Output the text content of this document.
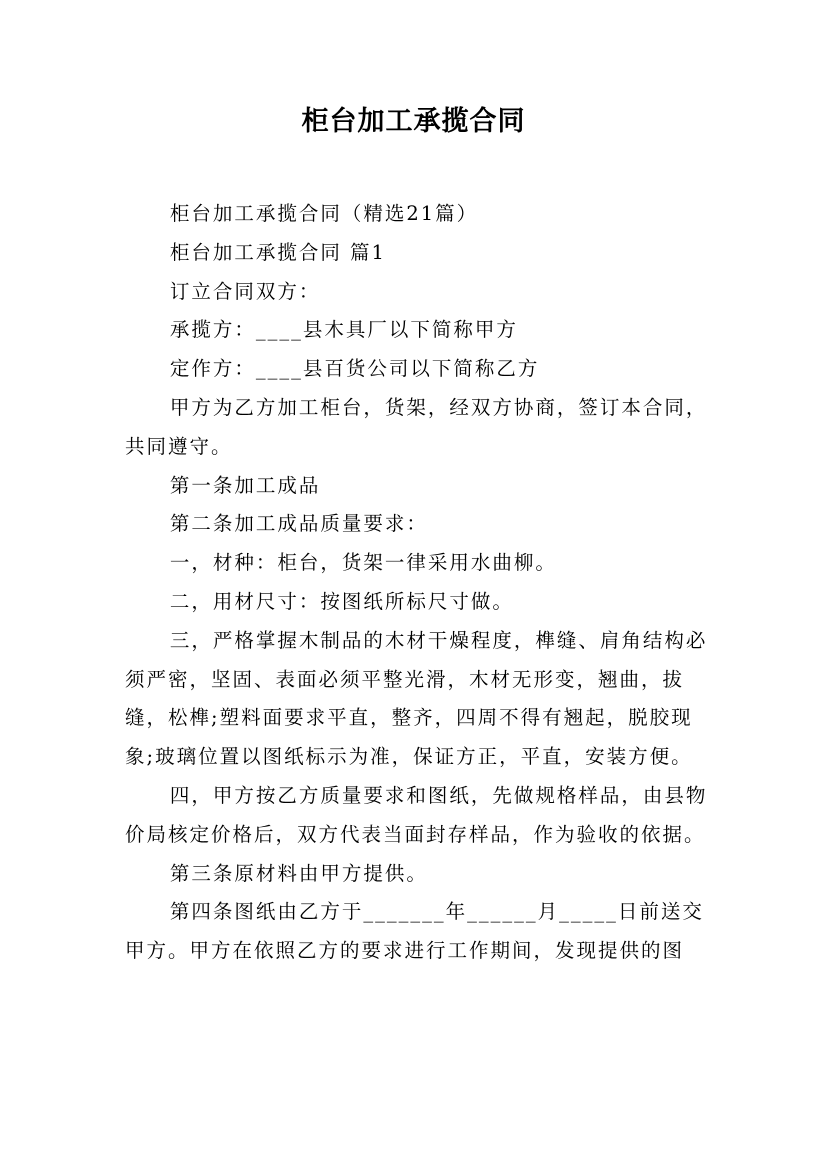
柜台加工承揽合同

柜台加工承揽合同（精选21篇）

柜台加工承揽合同 篇1

订立合同双方：

承揽方：____县木具厂以下简称甲方

定作方：____县百货公司以下简称乙方

甲方为乙方加工柜台，货架，经双方协商，签订本合同，共同遵守。

第一条加工成品

第二条加工成品质量要求：

一，材种：柜台，货架一律采用水曲柳。

二，用材尺寸：按图纸所标尺寸做。

三，严格掌握木制品的木材干燥程度，榫缝、肩角结构必须严密，坚固、表面必须平整光滑，木材无形变，翘曲，拔缝，松榫;塑料面要求平直，整齐，四周不得有翘起，脱胶现象;玻璃位置以图纸标示为准，保证方正，平直，安装方便。

四，甲方按乙方质量要求和图纸，先做规格样品，由县物价局核定价格后，双方代表当面封存样品，作为验收的依据。

第三条原材料由甲方提供。

第四条图纸由乙方于_______年______月_____日前送交甲方。甲方在依照乙方的要求进行工作期间，发现提供的图
